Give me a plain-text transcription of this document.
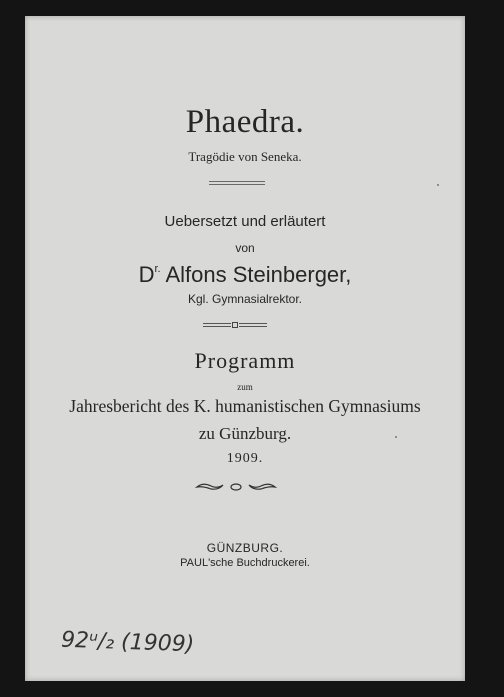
Phaedra.
Tragödie von Seneka.
Uebersetzt und erläutert
von
$D^{r.}$ Alfons Steinberger,
Kgl. Gymnasialrektor.
Programm
zum
Jahresbericht des K. humanistischen Gymnasiums
zu Günzburg.
1909.
GÜNZBURG.
PAUL'sche Buchdruckerei.
92ᵘ/₂ (1909)
